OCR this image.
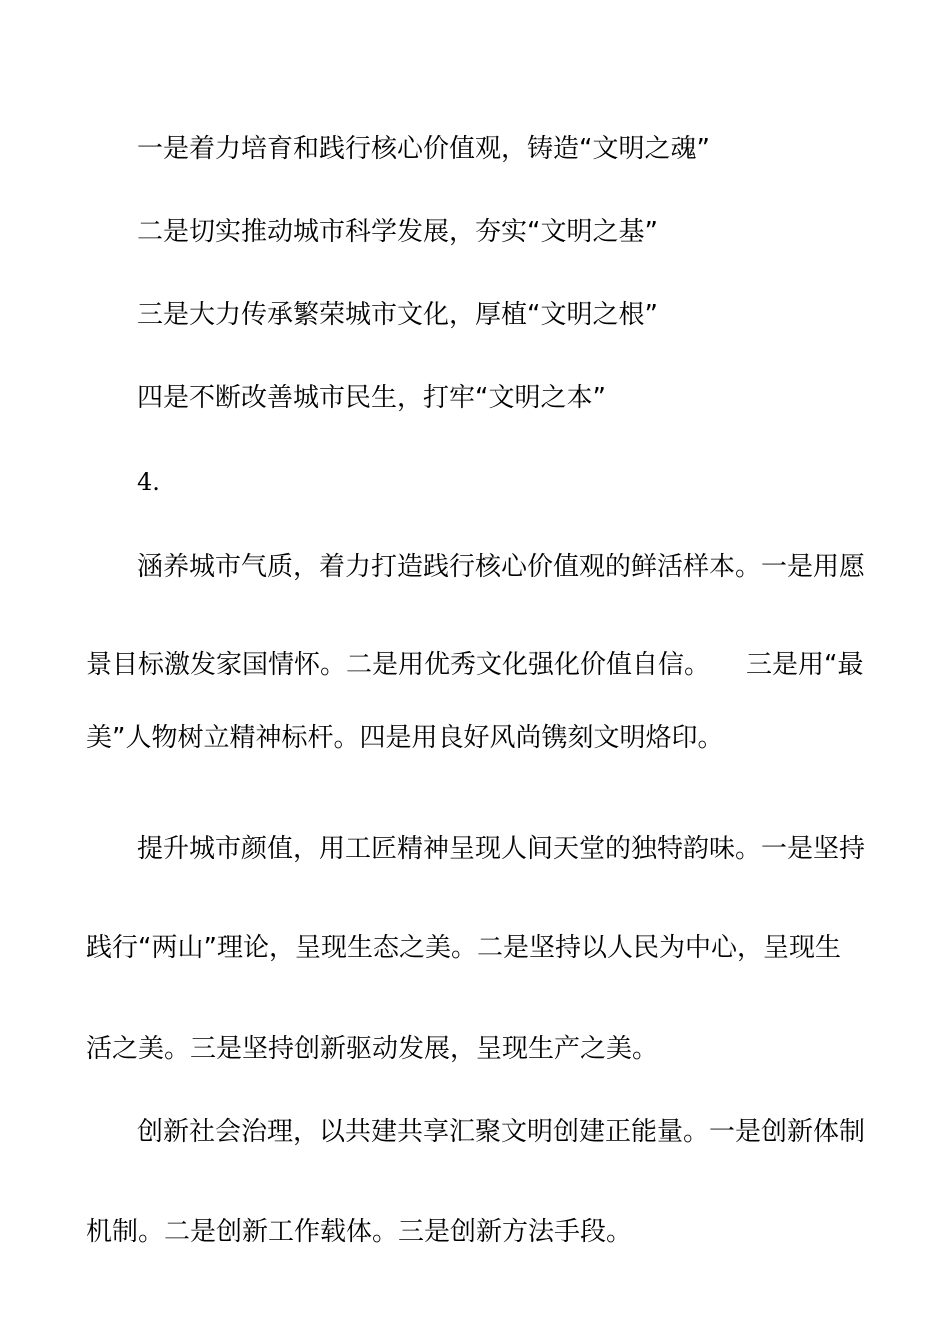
一是着力培育和践行核心价值观，铸造“文明之魂”
二是切实推动城市科学发展，夯实“文明之基”
三是大力传承繁荣城市文化，厚植“文明之根”
四是不断改善城市民生，打牢“文明之本”
4.
涵养城市气质，着力打造践行核心价值观的鲜活样本。一是用愿
景目标激发家国情怀。二是用优秀文化强化价值自信。 三是用“最
美”人物树立精神标杆。四是用良好风尚镌刻文明烙印。
提升城市颜值，用工匠精神呈现人间天堂的独特韵味。一是坚持
践行“两山”理论，呈现生态之美。二是坚持以人民为中心，呈现生
活之美。三是坚持创新驱动发展，呈现生产之美。
创新社会治理，以共建共享汇聚文明创建正能量。一是创新体制
机制。二是创新工作载体。三是创新方法手段。
